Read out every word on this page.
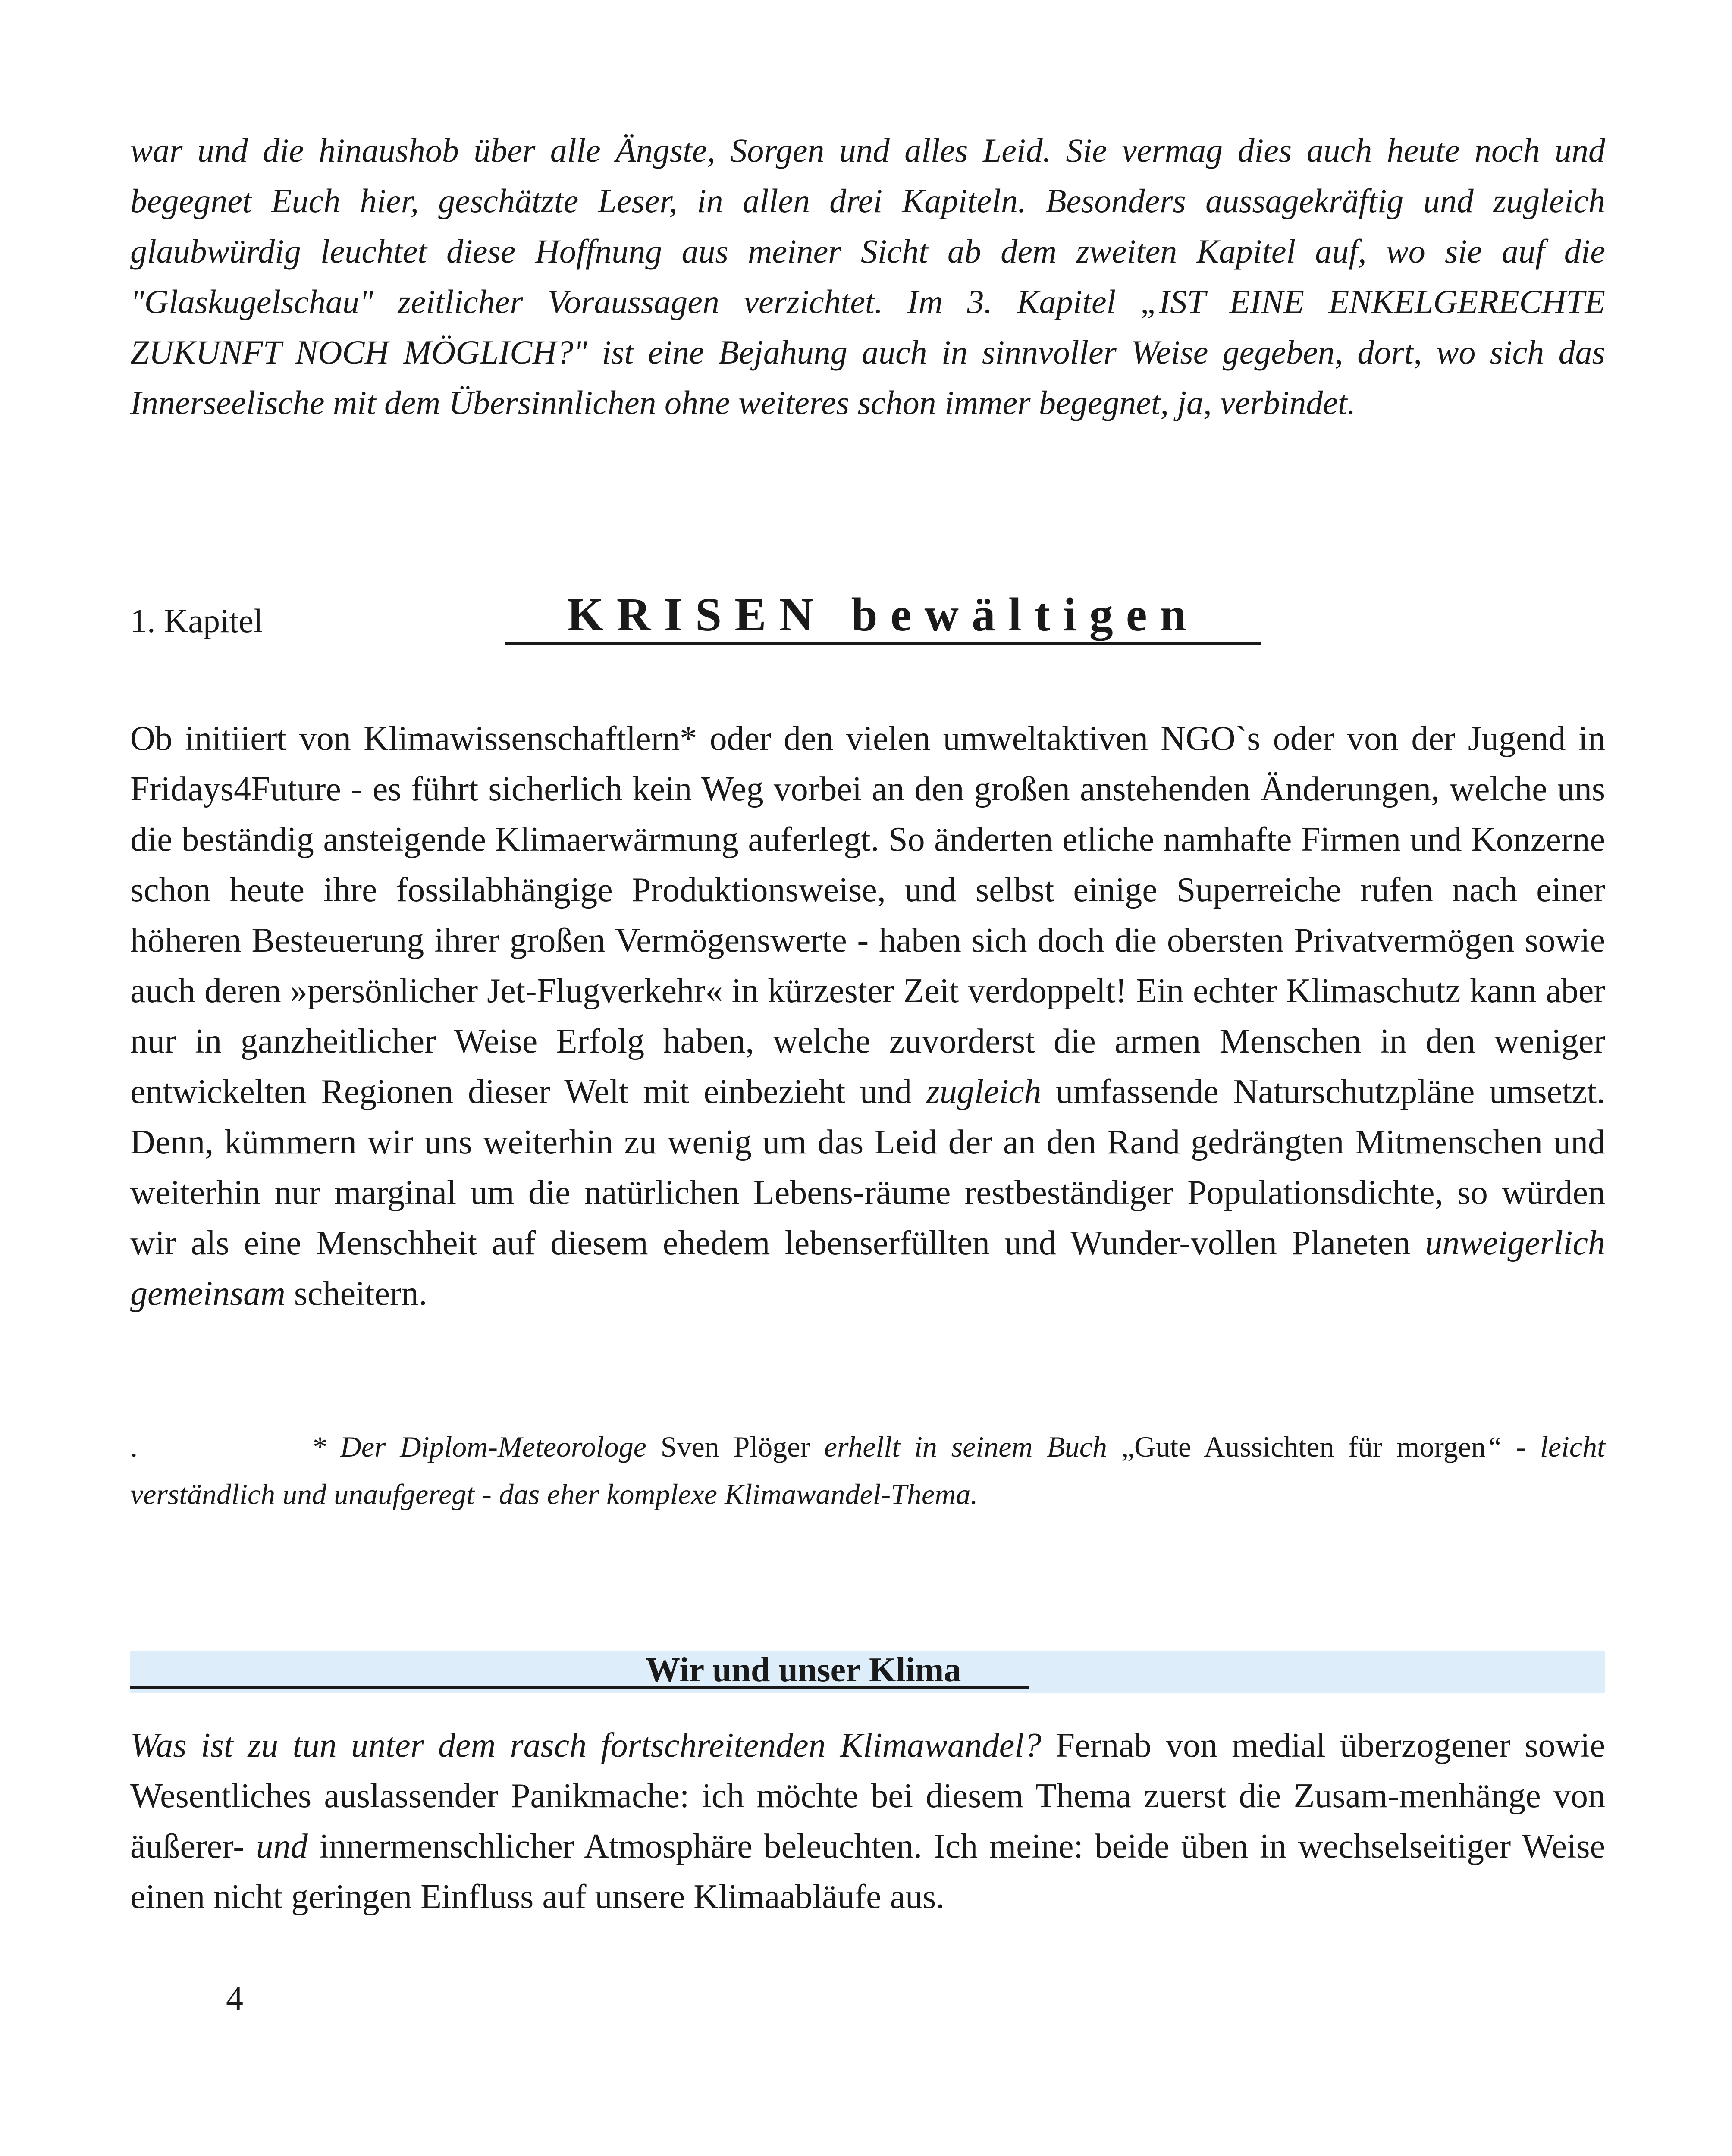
war und die hinaushob über alle Ängste, Sorgen und alles Leid. Sie vermag dies auch heute noch und begegnet Euch hier, geschätzte Leser, in allen drei Kapiteln. Besonders aussagekräftig und zugleich glaubwürdig leuchtet diese Hoffnung aus meiner Sicht ab dem zweiten Kapitel auf, wo sie auf die "Glaskugelschau" zeitlicher Voraussagen verzichtet. Im 3. Kapitel „IST EINE ENKELGERECHTE ZUKUNFT NOCH MÖGLICH?" ist eine Bejahung auch in sinnvoller Weise gegeben, dort, wo sich das Innerseelische mit dem Übersinnlichen ohne weiteres schon immer begegnet, ja, verbindet.

1. Kapitel	KRISEN bewältigen

Ob initiiert von Klimawissenschaftlern* oder den vielen umweltaktiven NGO`s oder von der Jugend in Fridays4Future - es führt sicherlich kein Weg vorbei an den großen anstehenden Änderungen, welche uns die beständig ansteigende Klimaerwärmung auferlegt. So änderten etliche namhafte Firmen und Konzerne schon heute ihre fossilabhängige Produktionsweise, und selbst einige Superreiche rufen nach einer höheren Besteuerung ihrer großen Vermögenswerte - haben sich doch die obersten Privatvermögen sowie auch deren »persönlicher Jet-Flugverkehr« in kürzester Zeit verdoppelt! Ein echter Klimaschutz kann aber nur in ganzheitlicher Weise Erfolg haben, welche zuvorderst die armen Menschen in den weniger entwickelten Regionen dieser Welt mit einbezieht und zugleich umfassende Naturschutzpläne umsetzt. Denn, kümmern wir uns weiterhin zu wenig um das Leid der an den Rand gedrängten Mitmenschen und weiterhin nur marginal um die natürlichen Lebens-räume restbeständiger Populationsdichte, so würden wir als eine Menschheit auf diesem ehedem lebenserfüllten und Wunder-vollen Planeten unweigerlich gemeinsam scheitern.

.	* Der Diplom-Meteorologe Sven Plöger erhellt in seinem Buch „Gute Aussichten für morgen“ - leicht verständlich und unaufgeregt - das eher komplexe Klimawandel-Thema.

Wir und unser Klima

Was ist zu tun unter dem rasch fortschreitenden Klimawandel? Fernab von medial überzogener sowie Wesentliches auslassender Panikmache: ich möchte bei diesem Thema zuerst die Zusam-menhänge von äußerer- und innermenschlicher Atmosphäre beleuchten. Ich meine: beide üben in wechselseitiger Weise einen nicht geringen Einfluss auf unsere Klimaabläufe aus.

4
